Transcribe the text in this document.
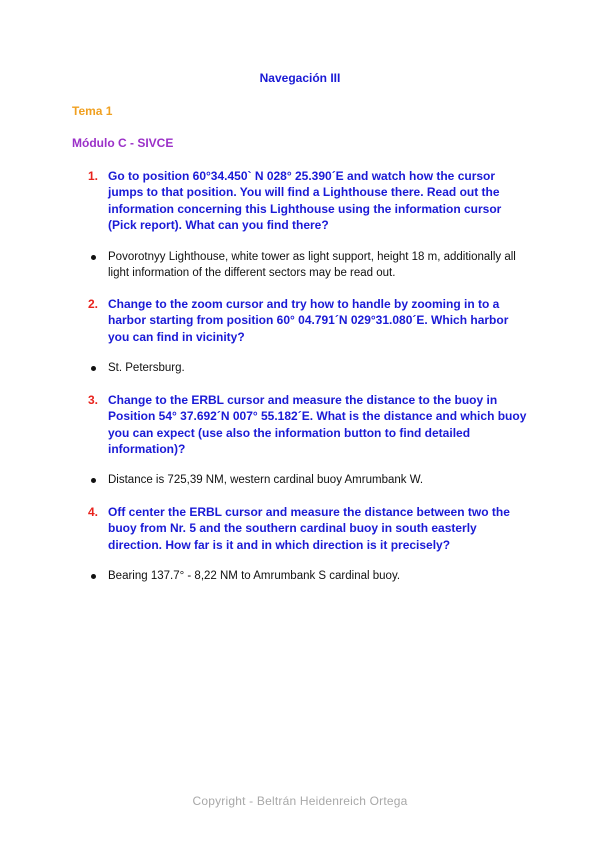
Navegación III
Tema 1
Módulo C - SIVCE
1. Go to position 60°34.450` N 028° 25.390´E and watch how the cursor jumps to that position. You will find a Lighthouse there. Read out the information concerning this Lighthouse using the information cursor (Pick report). What can you find there?
Povorotnyy Lighthouse, white tower as light support, height 18 m, additionally all light information of the different sectors may be read out.
2. Change to the zoom cursor and try how to handle by zooming in to a harbor starting from position 60° 04.791´N 029°31.080´E. Which harbor you can find in vicinity?
St. Petersburg.
3. Change to the ERBL cursor and measure the distance to the buoy in Position 54° 37.692´N 007° 55.182´E. What is the distance and which buoy you can expect (use also the information button to find detailed information)?
Distance is 725,39 NM, western cardinal buoy Amrumbank W.
4. Off center the ERBL cursor and measure the distance between two the buoy from Nr. 5 and the southern cardinal buoy in south easterly direction. How far is it and in which direction is it precisely?
Bearing 137.7° - 8,22 NM to Amrumbank S cardinal buoy.
Copyright - Beltrán Heidenreich Ortega
